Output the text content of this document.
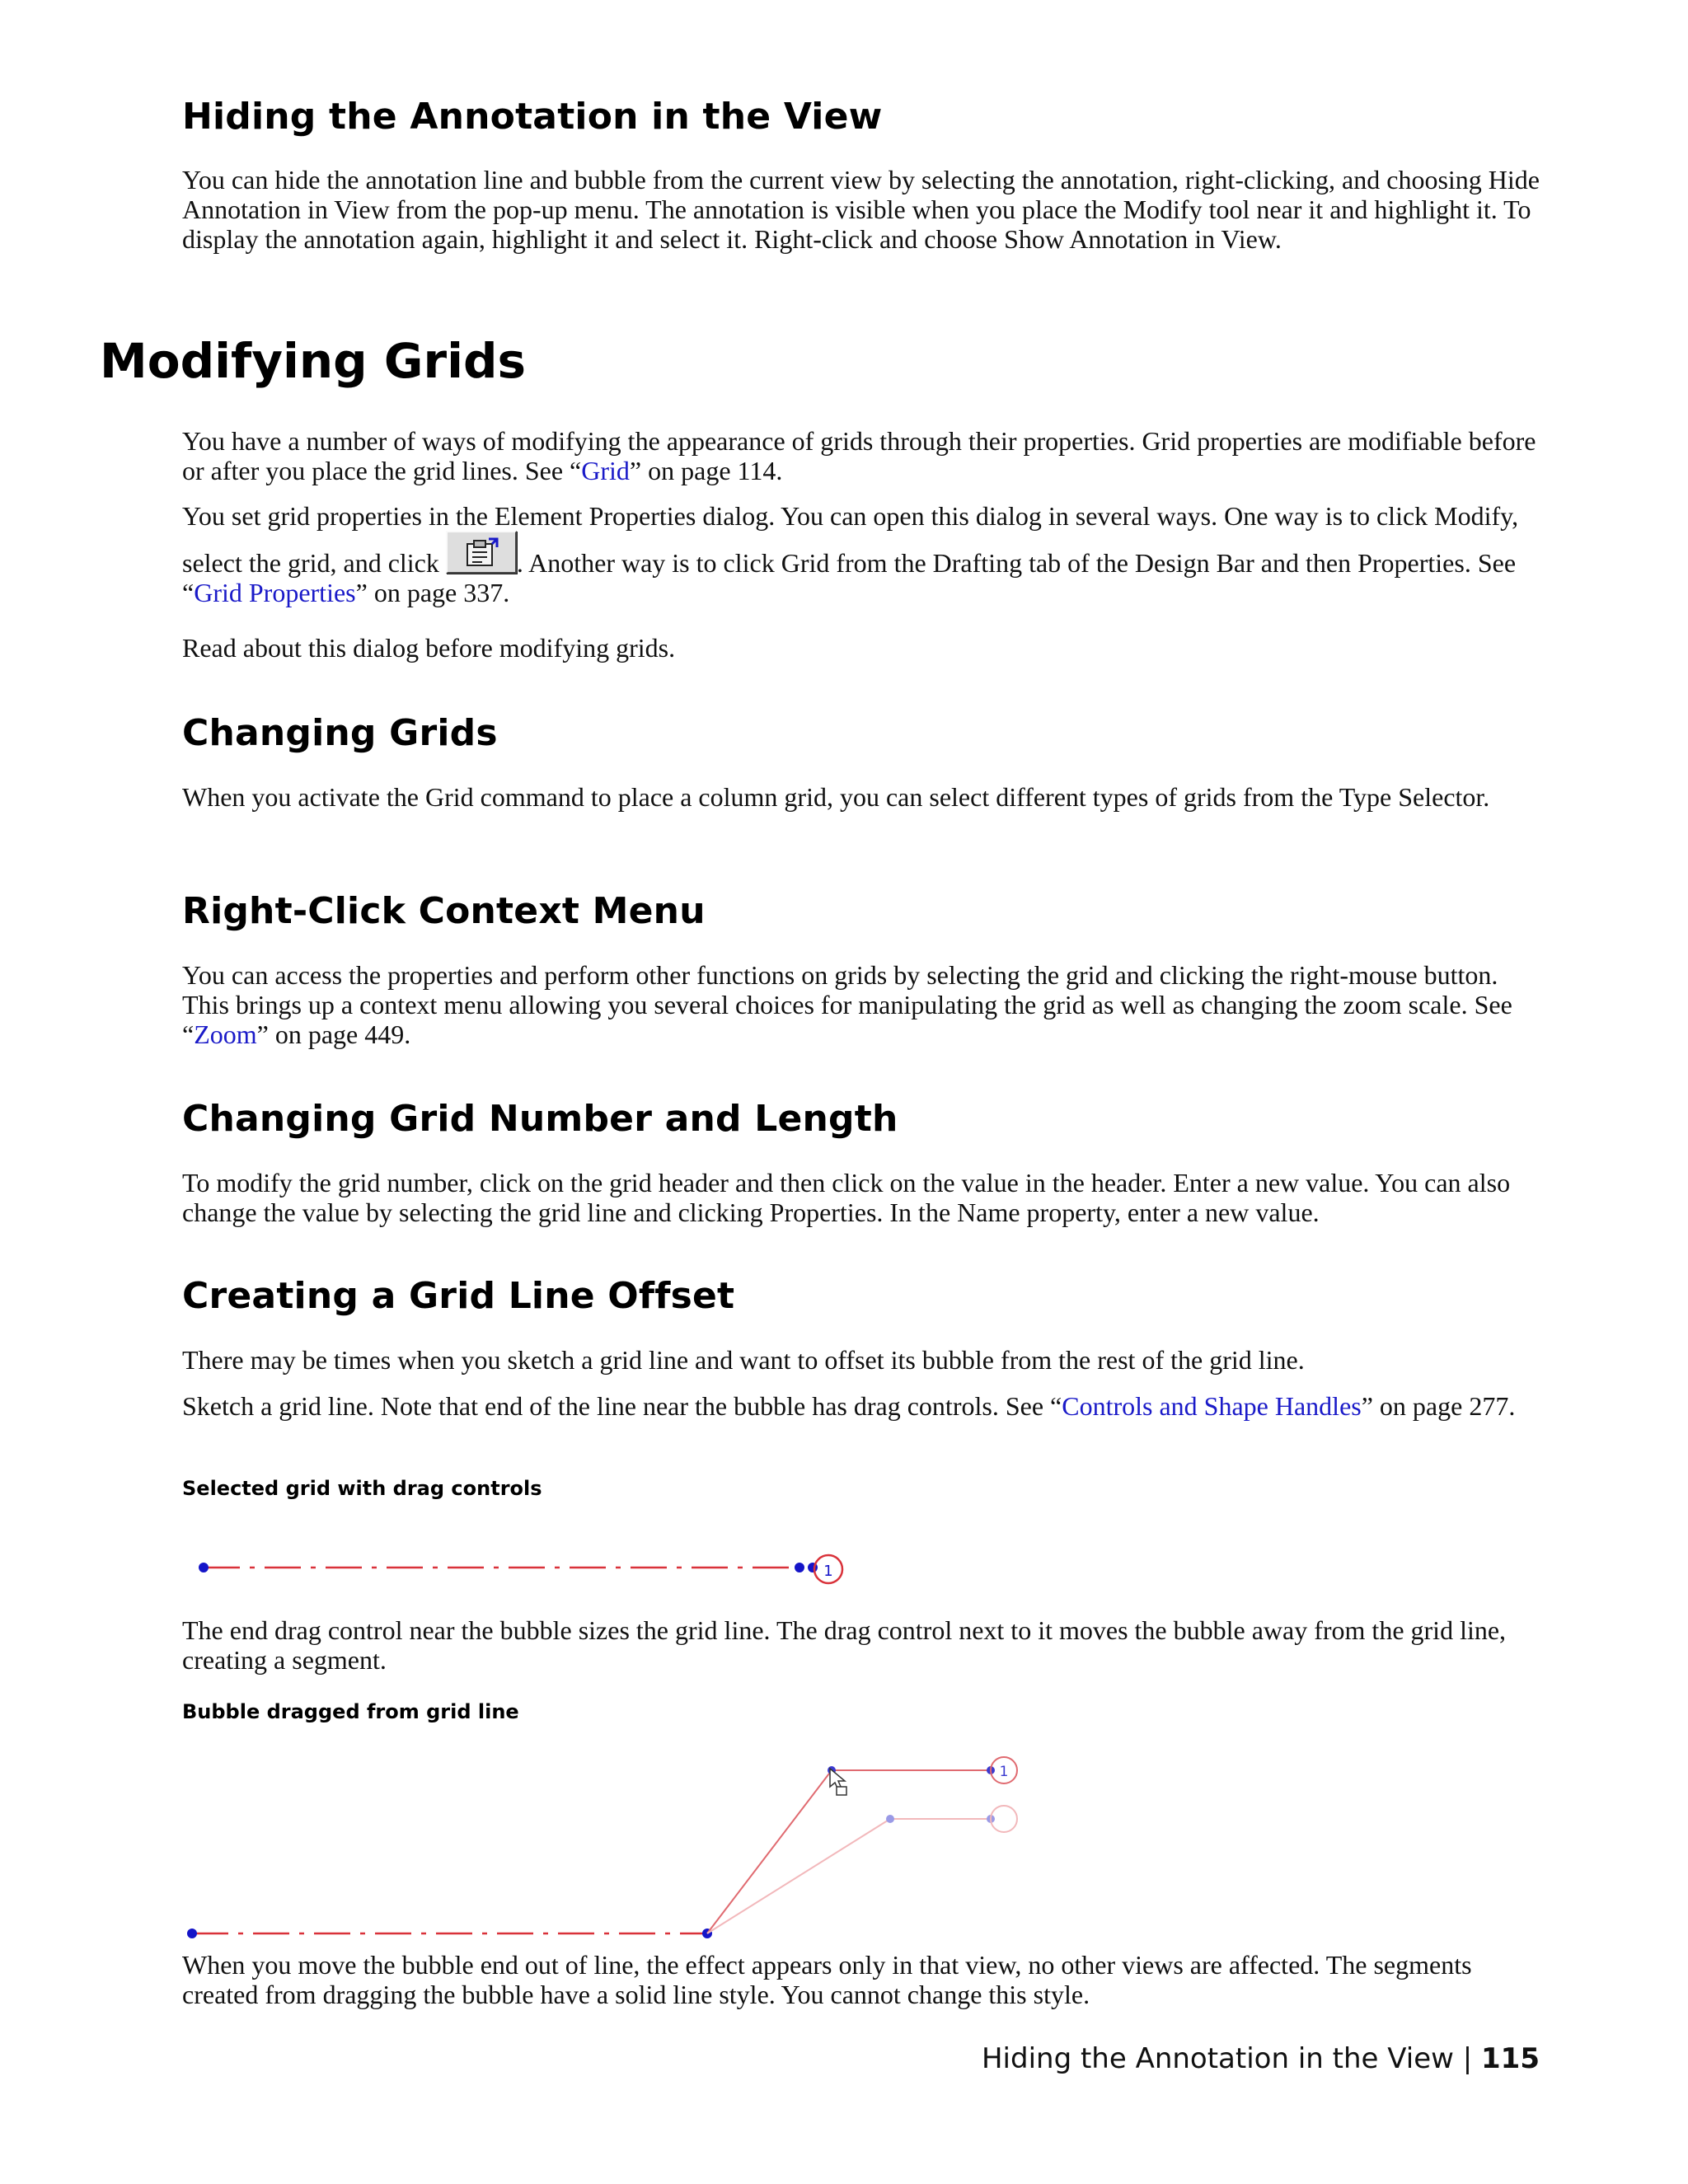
Hiding the Annotation in the View

You can hide the annotation line and bubble from the current view by selecting the annotation, right-clicking, and choosing Hide Annotation in View from the pop-up menu. The annotation is visible when you place the Modify tool near it and highlight it. To display the annotation again, highlight it and select it. Right-click and choose Show Annotation in View.

Modifying Grids

You have a number of ways of modifying the appearance of grids through their properties. Grid properties are modifiable before or after you place the grid lines. See “Grid” on page 114.

You set grid properties in the Element Properties dialog. You can open this dialog in several ways. One way is to click Modify, select the grid, and click	. Another way is to click Grid from the Drafting tab of the Design Bar and then Properties. See “Grid Properties” on page 337.

Read about this dialog before modifying grids.

Changing Grids

When you activate the Grid command to place a column grid, you can select different types of grids from the Type Selector.

Right-Click Context Menu

You can access the properties and perform other functions on grids by selecting the grid and clicking the right-mouse button. This brings up a context menu allowing you several choices for manipulating the grid as well as changing the zoom scale. See “Zoom” on page 449.

Changing Grid Number and Length

To modify the grid number, click on the grid header and then click on the value in the header. Enter a new value. You can also change the value by selecting the grid line and clicking Properties. In the Name property, enter a new value.

Creating a Grid Line Offset

There may be times when you sketch a grid line and want to offset its bubble from the rest of the grid line.

Sketch a grid line. Note that end of the line near the bubble has drag controls. See “Controls and Shape Handles” on page 277.

Selected grid with drag controls

1

The end drag control near the bubble sizes the grid line. The drag control next to it moves the bubble away from the grid line, creating a segment.

Bubble dragged from grid line

1

When you move the bubble end out of line, the effect appears only in that view, no other views are affected. The segments created from dragging the bubble have a solid line style. You cannot change this style.

Hiding the Annotation in the View | 115
